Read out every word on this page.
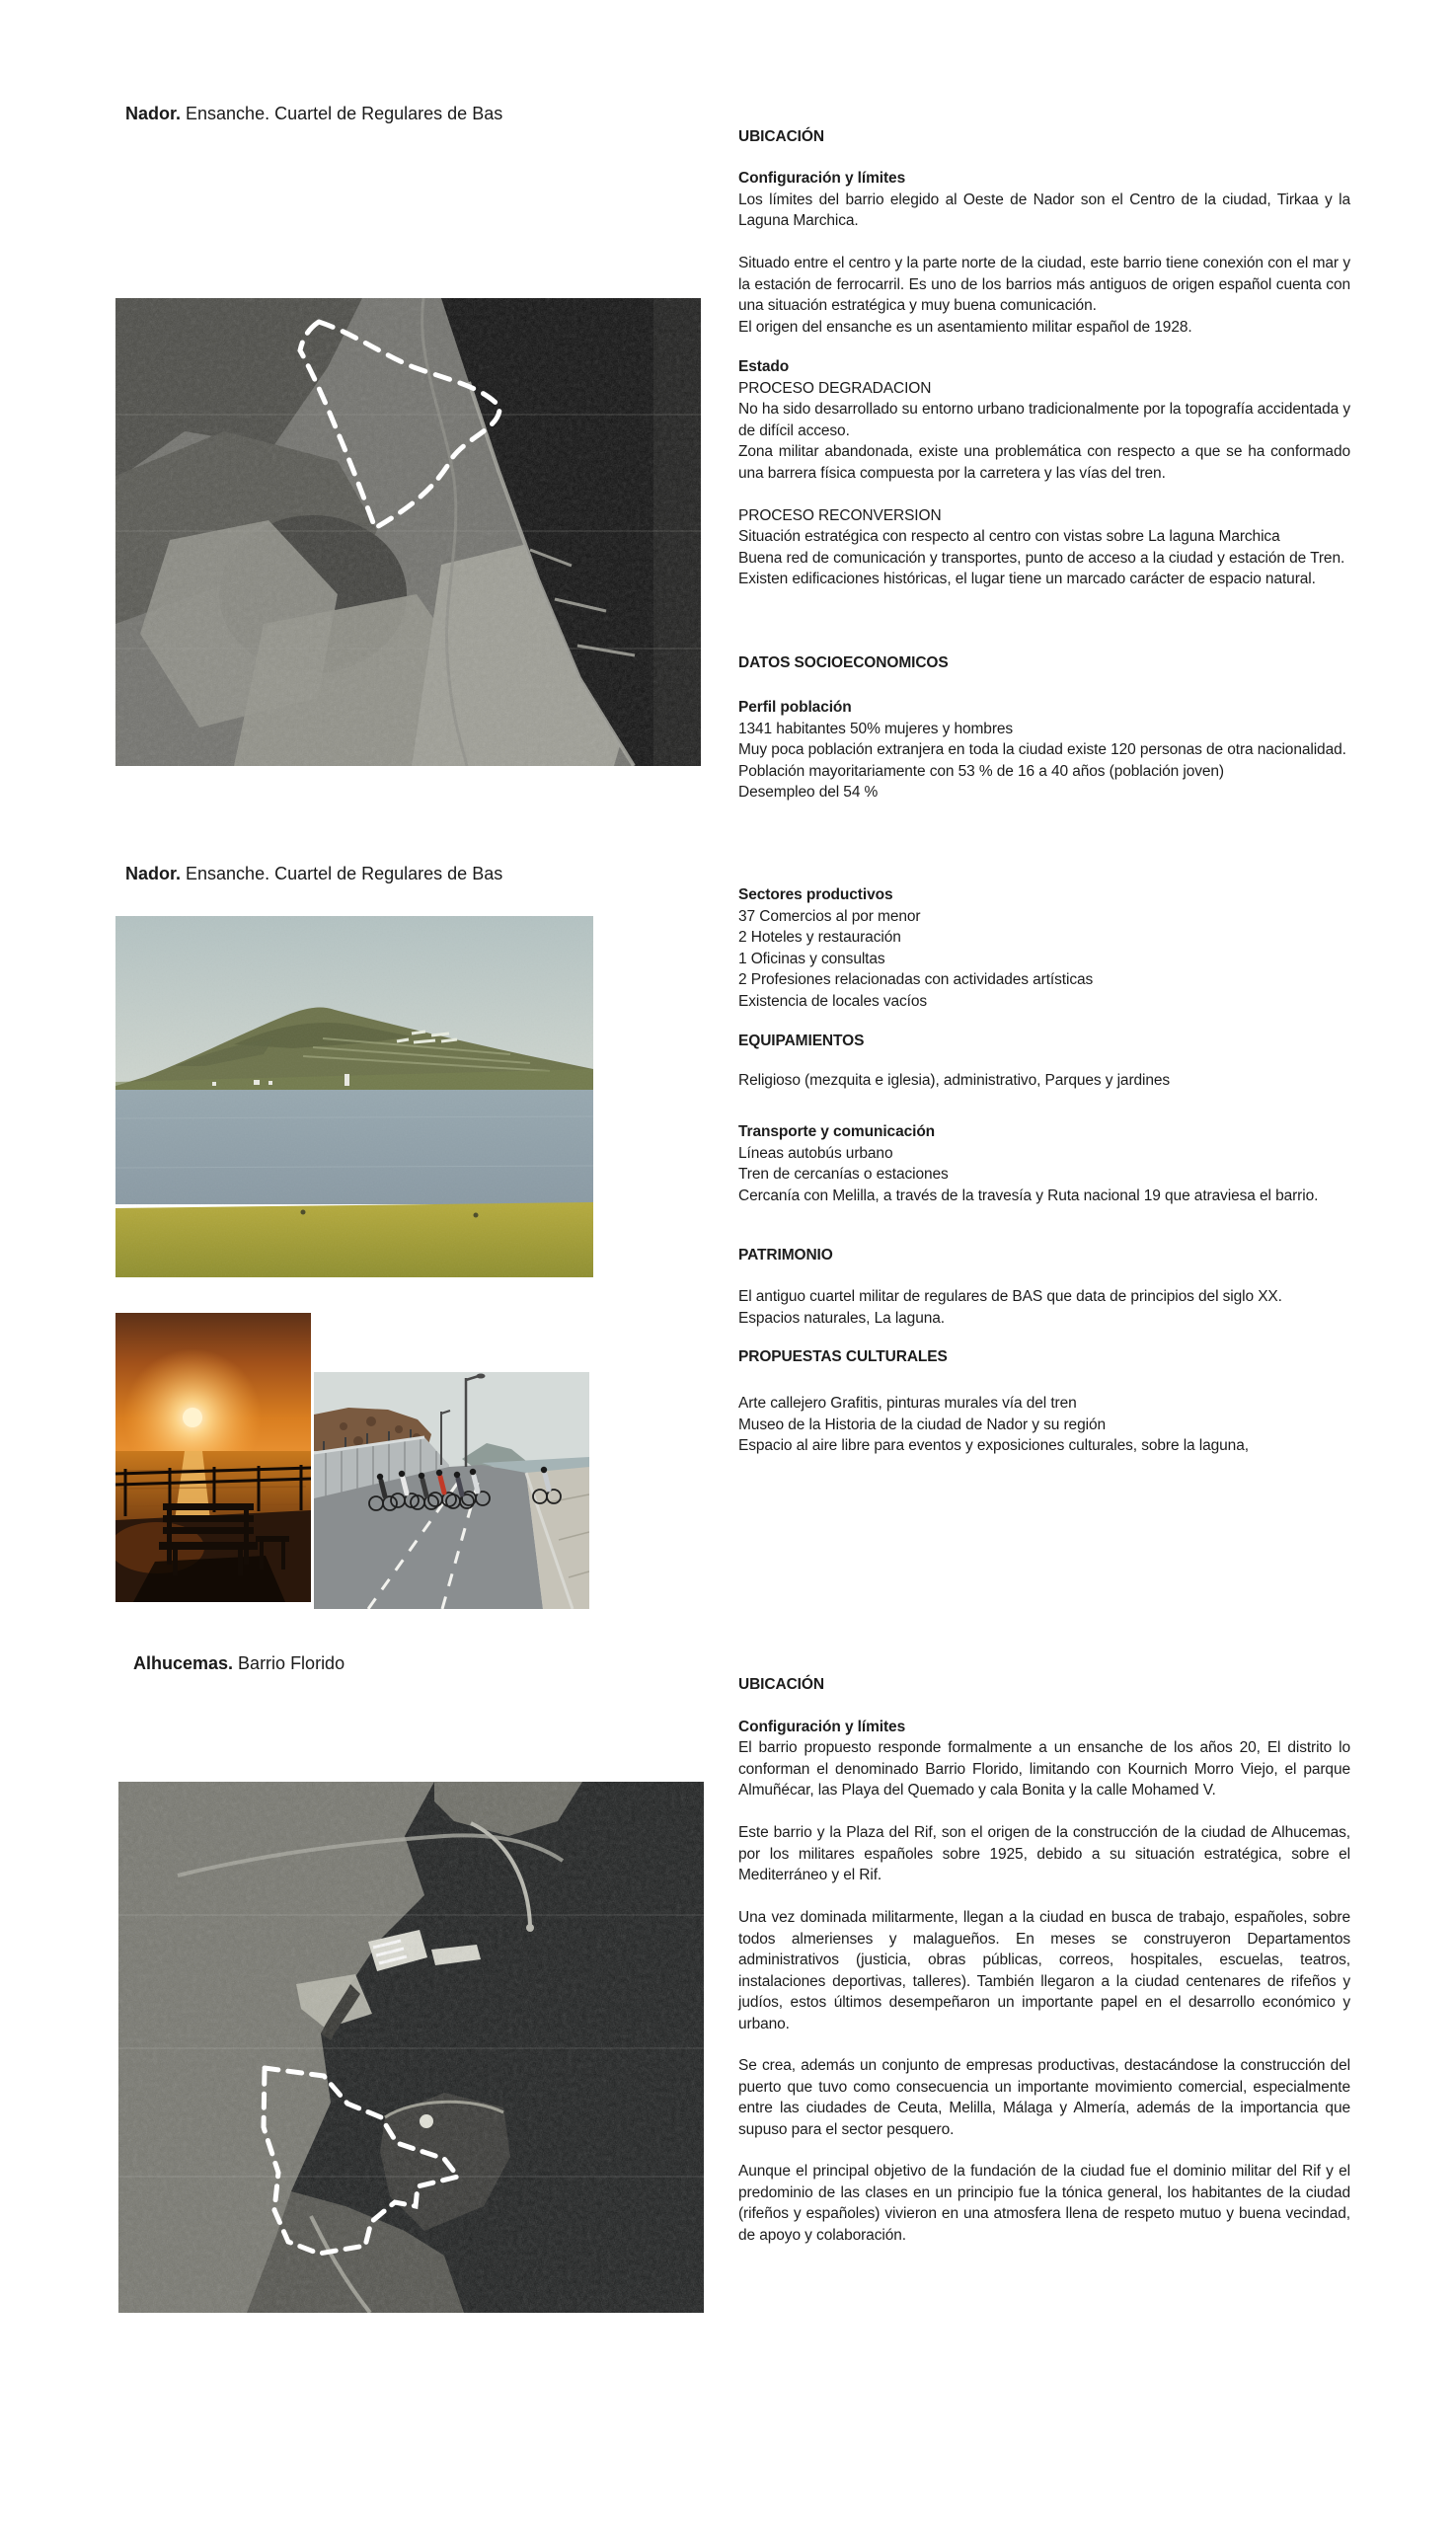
Nador. Ensanche. Cuartel de Regulares de Bas
Nador. Ensanche. Cuartel de Regulares de Bas
Alhucemas. Barrio Florido
UBICACIÓN
Configuración y límites

Los límites del barrio elegido al Oeste de Nador son el Centro de la ciudad, Tirkaa y la Laguna Marchica.

Situado entre el centro y la parte norte de la ciudad, este barrio tiene conexión con el mar y la estación de ferrocarril. Es uno de los barrios más antiguos de origen español cuenta con una situación estratégica y muy buena comunicación.

El origen del ensanche es un asentamiento militar español de 1928.

Estado
PROCESO DEGRADACION

No ha sido desarrollado su entorno urbano tradicionalmente por la topografía accidentada y de difícil acceso.

Zona militar abandonada, existe una problemática con respecto a que se ha conformado una barrera física compuesta por la carretera y las vías del tren.

PROCESO RECONVERSION

Situación estratégica con respecto al centro con vistas sobre La laguna Marchica

Buena red de comunicación y transportes, punto de acceso a la ciudad y estación de Tren.

Existen edificaciones históricas, el lugar tiene un marcado carácter de espacio natural.

DATOS SOCIOECONOMICOS
Perfil población

1341 habitantes 50% mujeres y hombres

Muy poca población extranjera en toda la ciudad existe 120 personas de otra nacionalidad.

Población mayoritariamente con 53 % de 16 a 40 años (población joven)

Desempleo del 54 %

Sectores productivos

37 Comercios al por menor

2 Hoteles y restauración

1 Oficinas y consultas

2 Profesiones relacionadas con actividades artísticas

Existencia de locales vacíos

EQUIPAMIENTOS

Religioso (mezquita e iglesia), administrativo, Parques y jardines

Transporte y comunicación

Líneas autobús urbano

Tren de cercanías o estaciones

Cercanía con Melilla, a través de la travesía y Ruta nacional 19 que atraviesa el barrio.

PATRIMONIO

El antiguo cuartel militar de regulares de BAS que data de principios del siglo XX.

Espacios naturales, La laguna.

PROPUESTAS CULTURALES

Arte callejero Grafitis, pinturas murales vía del tren

Museo de la Historia de la ciudad de Nador y su región

Espacio al aire libre para eventos y exposiciones culturales, sobre la laguna,

UBICACIÓN
Configuración y límites

El barrio propuesto responde formalmente a un ensanche de los años 20, El distrito lo conforman el denominado Barrio Florido, limitando con Kournich Morro Viejo, el parque Almuñécar, las Playa del Quemado y cala Bonita y la calle Mohamed V.

Este barrio y la Plaza del Rif, son el origen de la construcción de la ciudad de Alhucemas, por los militares españoles sobre 1925, debido a su situación estratégica, sobre el Mediterráneo y el Rif.

Una vez dominada militarmente, llegan a la ciudad en busca de trabajo, españoles, sobre todos almerienses y malagueños. En meses se construyeron Departamentos administrativos (justicia, obras públicas, correos, hospitales, escuelas, teatros, instalaciones deportivas, talleres). También llegaron a la ciudad centenares de rifeños y judíos, estos últimos desempeñaron un importante papel en el desarrollo económico y urbano.

Se crea, además un conjunto de empresas productivas, destacándose la construcción del puerto que tuvo como consecuencia un importante movimiento comercial, especialmente entre las ciudades de Ceuta, Melilla, Málaga y Almería, además de la importancia que supuso para el sector pesquero.

Aunque el principal objetivo de la fundación de la ciudad fue el dominio militar del Rif y el predominio de las clases en un principio fue la tónica general, los habitantes de la ciudad (rifeños y españoles) vivieron en una atmosfera llena de respeto mutuo y buena vecindad, de apoyo y colaboración.
